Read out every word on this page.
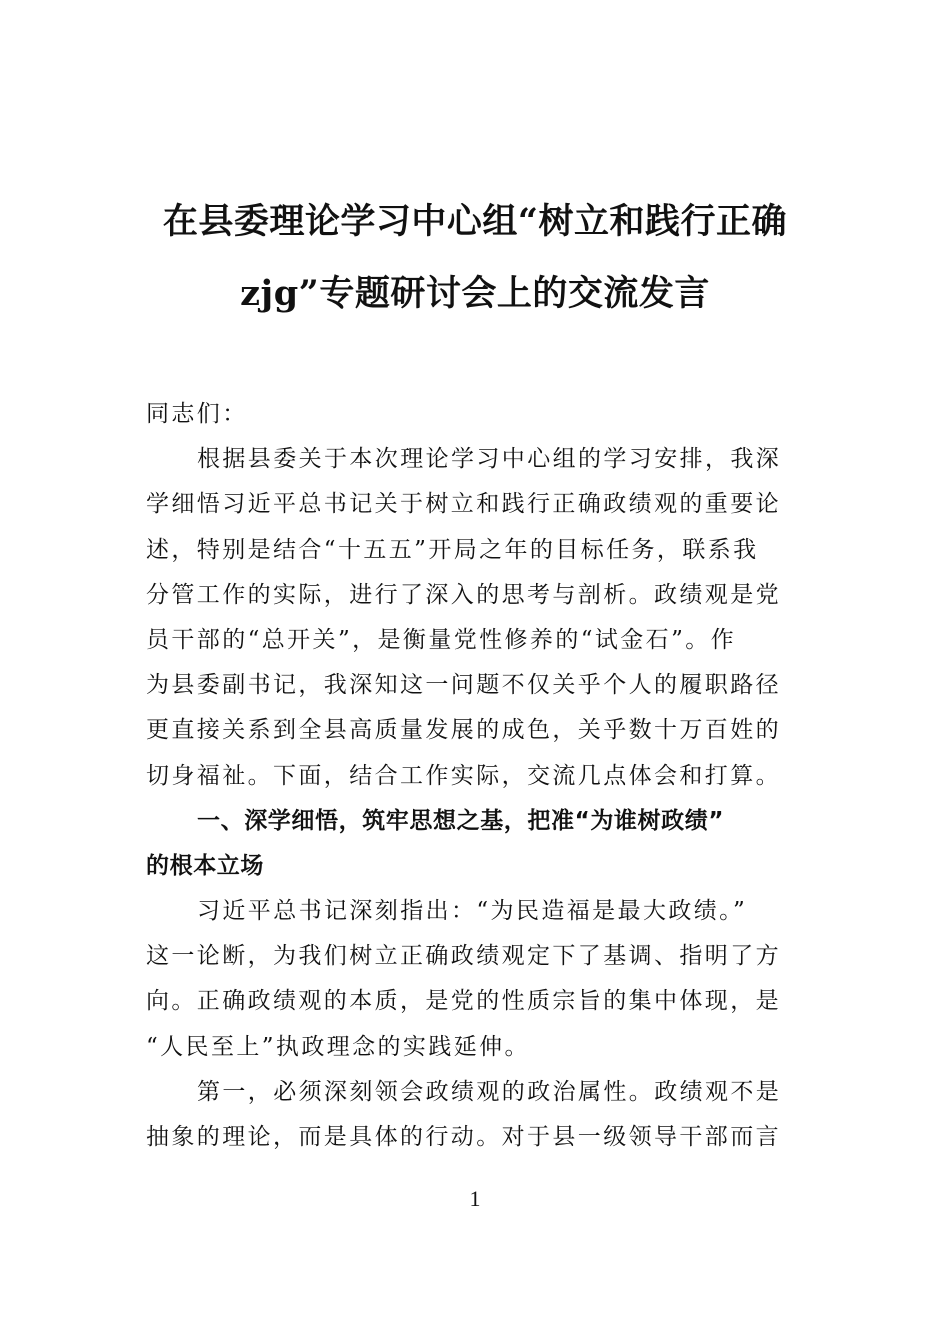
在县委理论学习中心组“树立和践行正确
zjg”专题研讨会上的交流发言
同志们：
根据县委关于本次理论学习中心组的学习安排，我深
学细悟习近平总书记关于树立和践行正确政绩观的重要论
述，特别是结合“十五五”开局之年的目标任务，联系我
分管工作的实际，进行了深入的思考与剖析。政绩观是党
员干部的“总开关”，是衡量党性修养的“试金石”。作
为县委副书记，我深知这一问题不仅关乎个人的履职路径
更直接关系到全县高质量发展的成色，关乎数十万百姓的
切身福祉。下面，结合工作实际，交流几点体会和打算。
一、深学细悟，筑牢思想之基，把准“为谁树政绩”
的根本立场
习近平总书记深刻指出：“为民造福是最大政绩。”
这一论断，为我们树立正确政绩观定下了基调、指明了方
向。正确政绩观的本质，是党的性质宗旨的集中体现，是
“人民至上”执政理念的实践延伸。
第一，必须深刻领会政绩观的政治属性。政绩观不是
抽象的理论，而是具体的行动。对于县一级领导干部而言
1
